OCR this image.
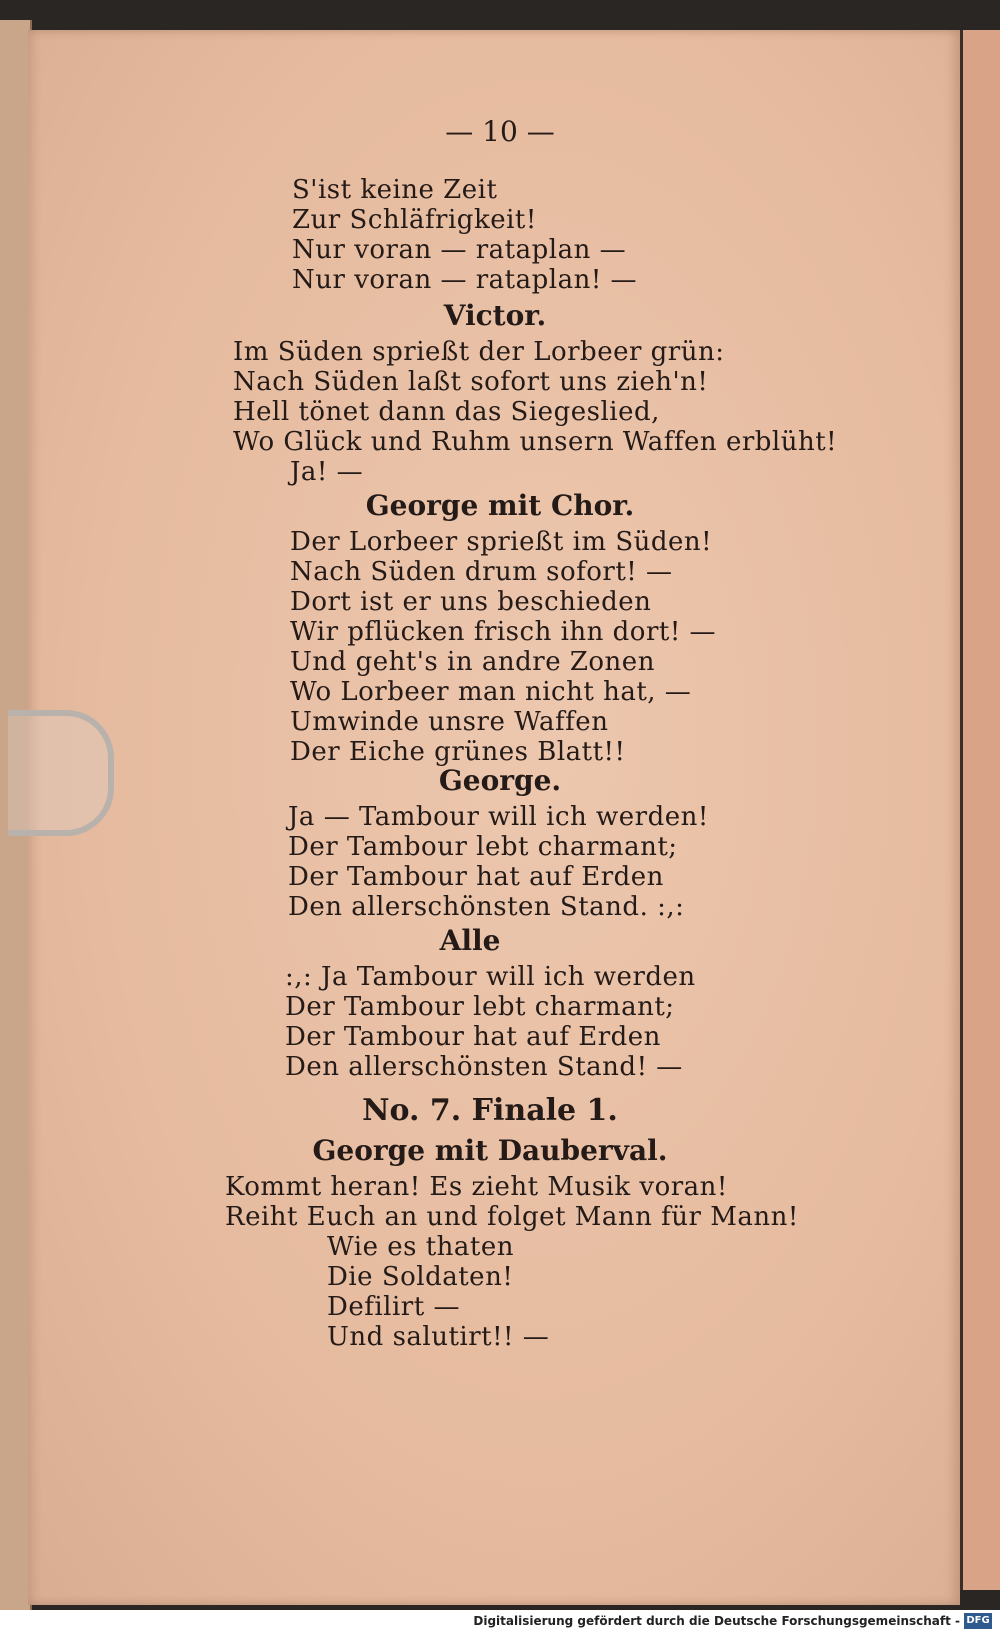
— 10 —
S'ist keine Zeit
Zur Schläfrigkeit!
Nur voran — rataplan —
Nur voran — rataplan! —
Victor.
Im Süden sprießt der Lorbeer grün:
Nach Süden laßt sofort uns zieh'n!
Hell tönet dann das Siegeslied,
Wo Glück und Ruhm unsern Waffen erblüht!
Ja! —
George mit Chor.
Der Lorbeer sprießt im Süden!
Nach Süden drum sofort! —
Dort ist er uns beschieden
Wir pflücken frisch ihn dort! —
Und geht's in andre Zonen
Wo Lorbeer man nicht hat, —
Umwinde unsre Waffen
Der Eiche grünes Blatt!!
George.
Ja — Tambour will ich werden!
Der Tambour lebt charmant;
Der Tambour hat auf Erden
Den allerschönsten Stand. :,:
Alle
:,: Ja Tambour will ich werden
Der Tambour lebt charmant;
Der Tambour hat auf Erden
Den allerschönsten Stand! —
No. 7. Finale 1.
George mit Dauberval.
Kommt heran! Es zieht Musik voran!
Reiht Euch an und folget Mann für Mann!
Wie es thaten
Die Soldaten!
Defilirt —
Und salutirt!! —
Digitalisierung gefördert durch die Deutsche Forschungsgemeinschaft - DFG
